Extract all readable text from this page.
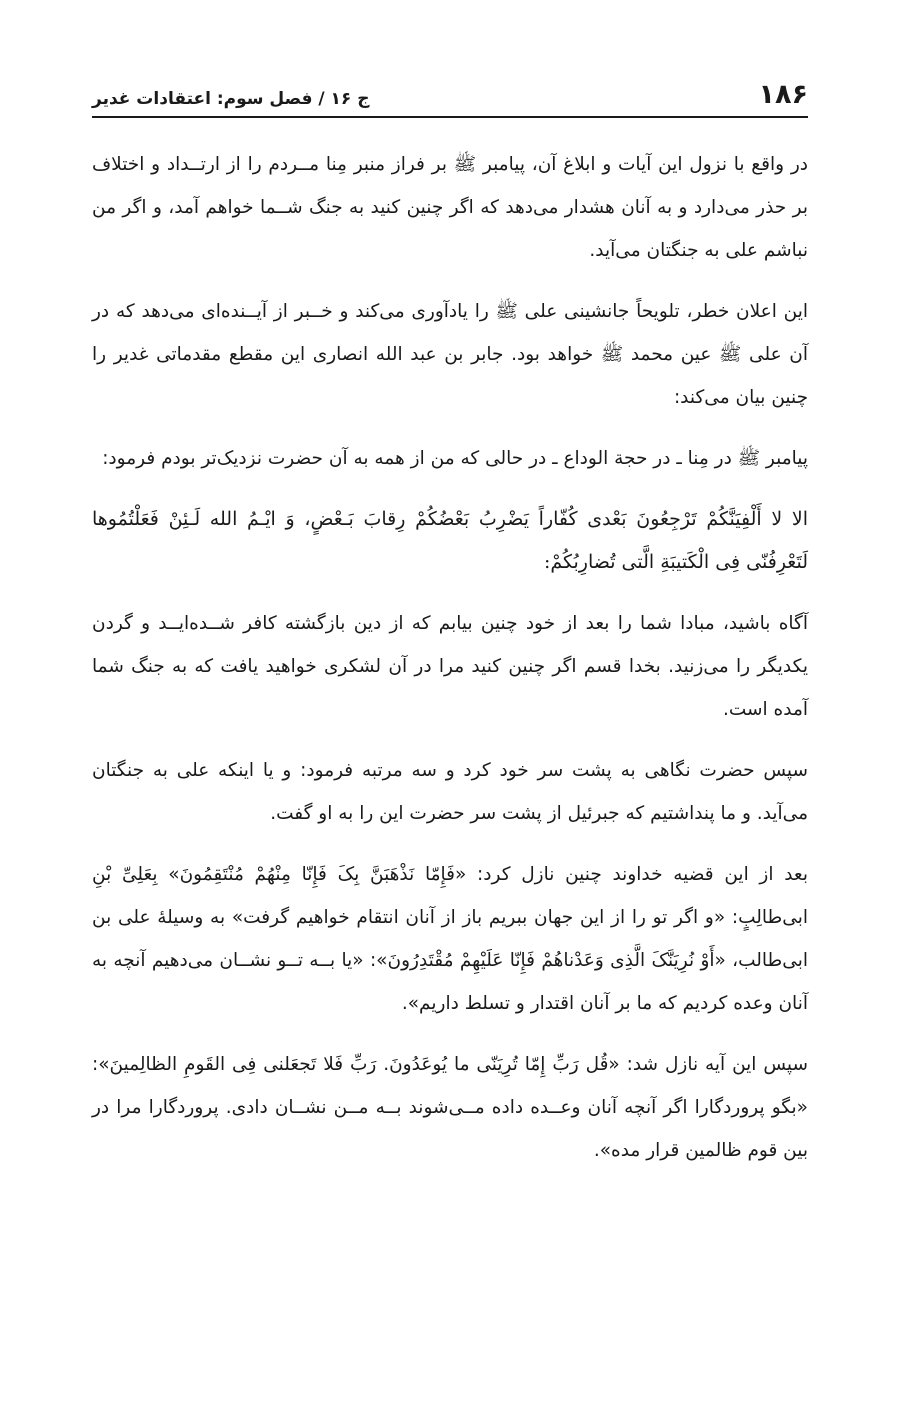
۱۸۶
ج ۱۶ / فصل سوم: اعتقادات غدیر

در واقع با نزول این آیات و ابلاغ آن، پیامبر ﷺ بر فراز منبر مِنا مــردم را از ارتــداد و اختلاف بر حذر می‌دارد و به آنان هشدار می‌دهد که اگر چنین کنید به جنگ شــما خواهم آمد، و اگر من نباشم علی به جنگتان می‌آید.

این اعلان خطر، تلویحاً جانشینی علی ﷺ را یادآوری می‌کند و خــبر از آیــنده‌ای می‌دهد که در آن علی ﷺ عین محمد ﷺ خواهد بود. جابر بن عبد الله انصاری این مقطع مقدماتی غدیر را چنین بیان می‌کند:

پیامبر ﷺ در مِنا ـ در حجة الوداع ـ در حالی که من از همه به آن حضرت نزدیک‌تر بودم فرمود:

الا لا أَلْفِيَنَّكُمْ تَرْجِعُونَ بَعْدی كُفّاراً يَضْرِبُ بَعْضُكُمْ رِقابَ بَـعْضٍ، وَ ايْـمُ الله لَـئِنْ فَعَلْتُمُوها لَتَعْرِفُنّی فِی الْكَتیبَةِ الَّتی تُضارِبُكُمْ:

آگاه باشید، مبادا شما را بعد از خود چنین بیابم که از دین بازگشته کافر شــده‌ایــد و گردن یکدیگر را می‌زنید. بخدا قسم اگر چنین کنید مرا در آن لشکری خواهید یافت که به جنگ شما آمده است.

سپس حضرت نگاهی به پشت سر خود کرد و سه مرتبه فرمود: و یا اینکه علی به جنگتان می‌آید. و ما پنداشتیم که جبرئیل از پشت سر حضرت این را به او گفت.

بعد از این قضیه خداوند چنین نازل کرد: «فَإِمّا نَذْهَبَنَّ بِکَ فَإِنّا مِنْهُمْ مُنْتَقِمُونَ» بِعَلِیِّ بْنِ ابی‌طالِبٍ: «و اگر تو را از این جهان ببریم باز از آنان انتقام خواهیم گرفت» به وسیلهٔ علی بن ابی‌طالب، «أَوْ نُرِیَنَّکَ الَّذِی وَعَدْناهُمْ فَإِنّا عَلَیْهِمْ مُقْتَدِرُونَ»: «یا بــه تــو نشــان می‌دهیم آنچه به آنان وعده کردیم که ما بر آنان اقتدار و تسلط داریم».

سپس این آیه نازل شد: «قُل رَبِّ إِمّا تُرِیَنّی ما یُوعَدُونَ. رَبِّ فَلا تَجعَلنی فِی القَومِ الظالِمینَ»: «بگو پروردگارا اگر آنچه آنان وعــده داده مــی‌شوند بــه مــن نشــان دادی. پروردگارا مرا در بین قوم ظالمین قرار مده».
